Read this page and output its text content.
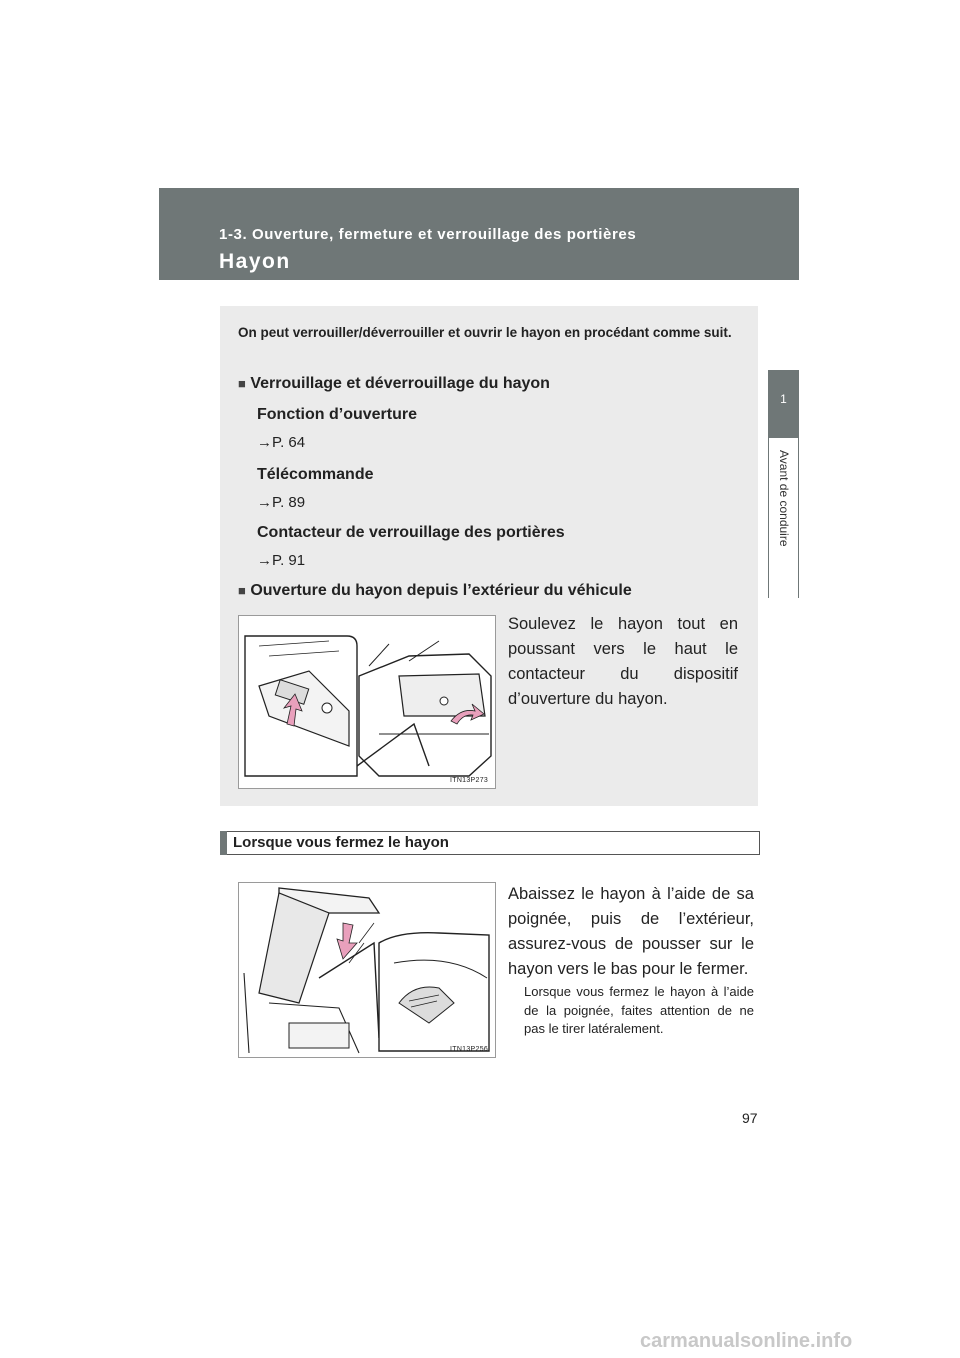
1-3. Ouverture, fermeture et verrouillage des portières
Hayon
1
Avant de conduire
On peut verrouiller/déverrouiller et ouvrir le hayon en procédant comme suit.
■ Verrouillage et déverrouillage du hayon
Fonction d’ouverture
→P. 64
Télécommande
→P. 89
Contacteur de verrouillage des portières
→P. 91
■ Ouverture du hayon depuis l’extérieur du véhicule
Soulevez le hayon tout en poussant vers le haut le contacteur du dispositif d’ouverture du hayon.
ITN13P273
Lorsque vous fermez le hayon
Abaissez le hayon à l’aide de sa poignée, puis de l’extérieur, assurez-vous de pousser sur le hayon vers le bas pour le fermer.
Lorsque vous fermez le hayon à l’aide de la poignée, faites attention de ne pas le tirer latéralement.
ITN13P256
97
carmanualsonline.info
